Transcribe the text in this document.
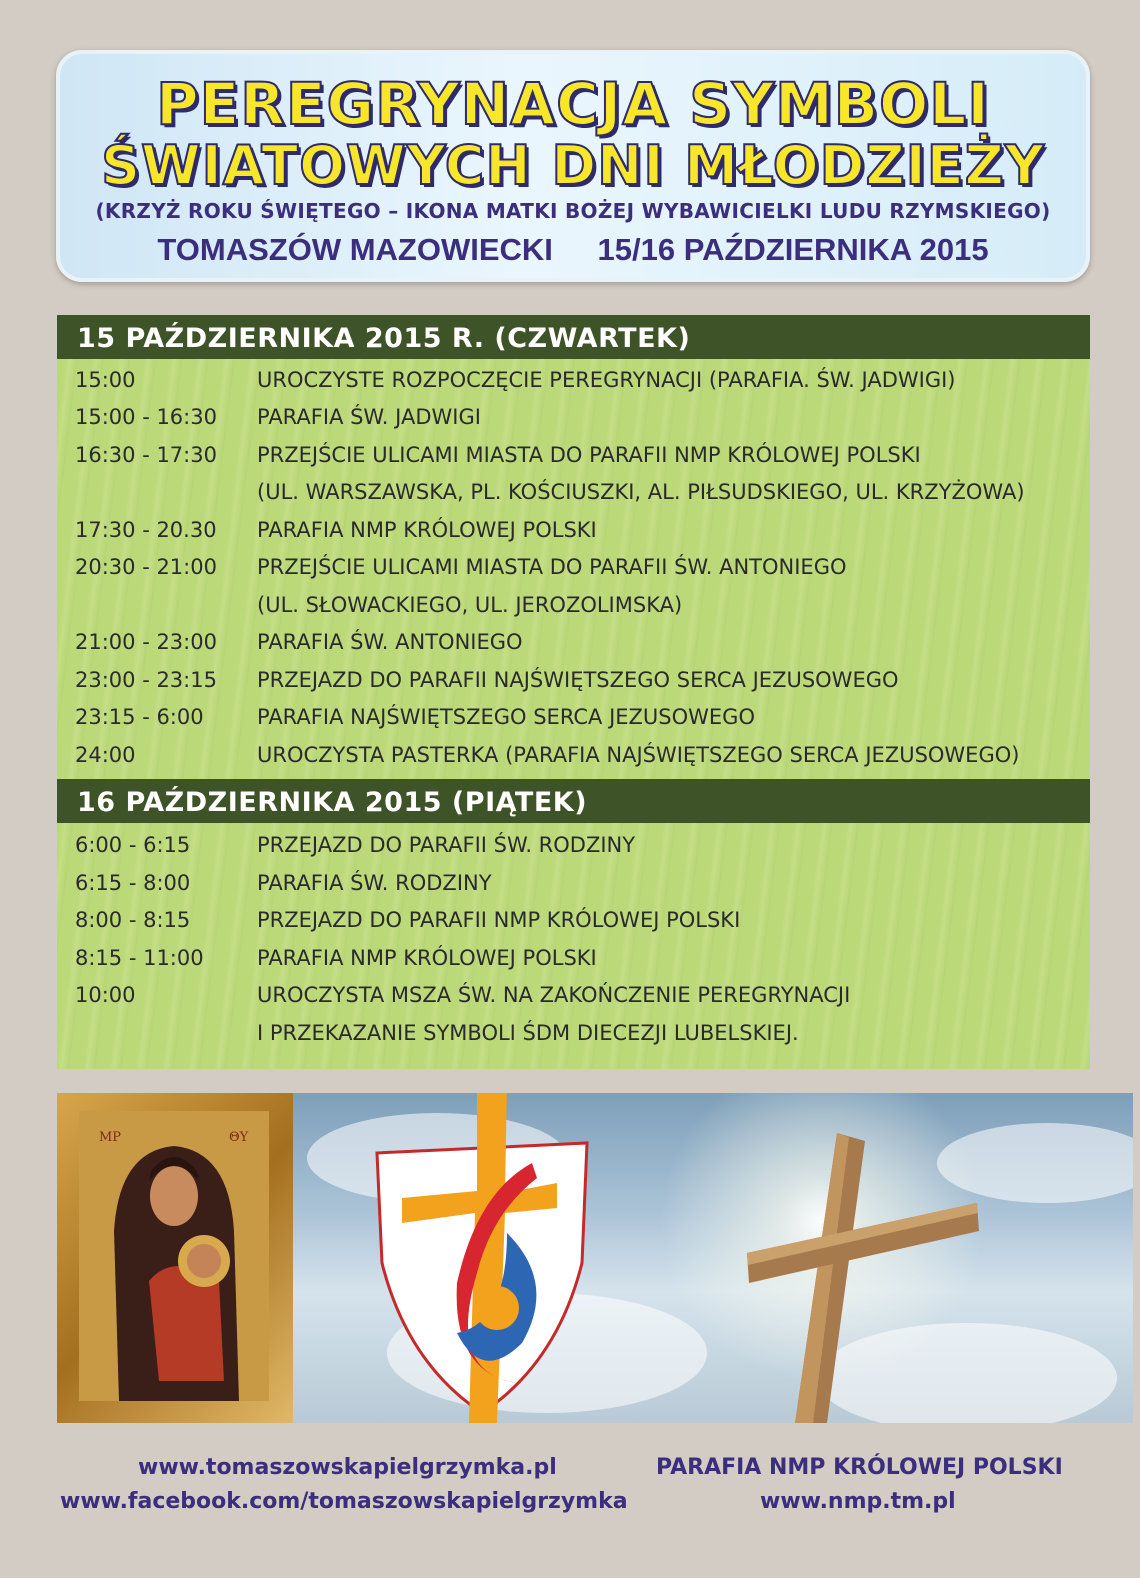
PEREGRYNACJA SYMBOLI
ŚWIATOWYCH DNI MŁODZIEŻY
(KRZYŻ ROKU ŚWIĘTEGO – IKONA MATKI BOŻEJ WYBAWICIELKI LUDU RZYMSKIEGO)
TOMASZÓW MAZOWIECKI 15/16 PAŹDZIERNIKA 2015
15 PAŹDZIERNIKA 2015 R. (CZWARTEK)
15:00	UROCZYSTE ROZPOCZĘCIE PEREGRYNACJI (PARAFIA. ŚW. JADWIGI)
15:00 - 16:30	PARAFIA ŚW. JADWIGI
16:30 - 17:30	PRZEJŚCIE ULICAMI MIASTA DO PARAFII NMP KRÓLOWEJ POLSKI
(UL. WARSZAWSKA, PL. KOŚCIUSZKI, AL. PIŁSUDSKIEGO, UL. KRZYŻOWA)
17:30 - 20.30	PARAFIA NMP KRÓLOWEJ POLSKI
20:30 - 21:00	PRZEJŚCIE ULICAMI MIASTA DO PARAFII ŚW. ANTONIEGO
(UL. SŁOWACKIEGO, UL. JEROZOLIMSKA)
21:00 - 23:00	PARAFIA ŚW. ANTONIEGO
23:00 - 23:15	PRZEJAZD DO PARAFII NAJŚWIĘTSZEGO SERCA JEZUSOWEGO
23:15 - 6:00	PARAFIA NAJŚWIĘTSZEGO SERCA JEZUSOWEGO
24:00	UROCZYSTA PASTERKA (PARAFIA NAJŚWIĘTSZEGO SERCA JEZUSOWEGO)
16 PAŹDZIERNIKA 2015 (PIĄTEK)
6:00 - 6:15	PRZEJAZD DO PARAFII ŚW. RODZINY
6:15 - 8:00	PARAFIA ŚW. RODZINY
8:00 - 8:15	PRZEJAZD DO PARAFII NMP KRÓLOWEJ POLSKI
8:15 - 11:00	PARAFIA NMP KRÓLOWEJ POLSKI
10:00	UROCZYSTA MSZA ŚW. NA ZAKOŃCZENIE PEREGRYNACJI
I PRZEKAZANIE SYMBOLI ŚDM DIECEZJI LUBELSKIEJ.
MP	ΘΥ
www.tomaszowskapielgrzymka.pl
www.facebook.com/tomaszowskapielgrzymka
PARAFIA NMP KRÓLOWEJ POLSKI
www.nmp.tm.pl
